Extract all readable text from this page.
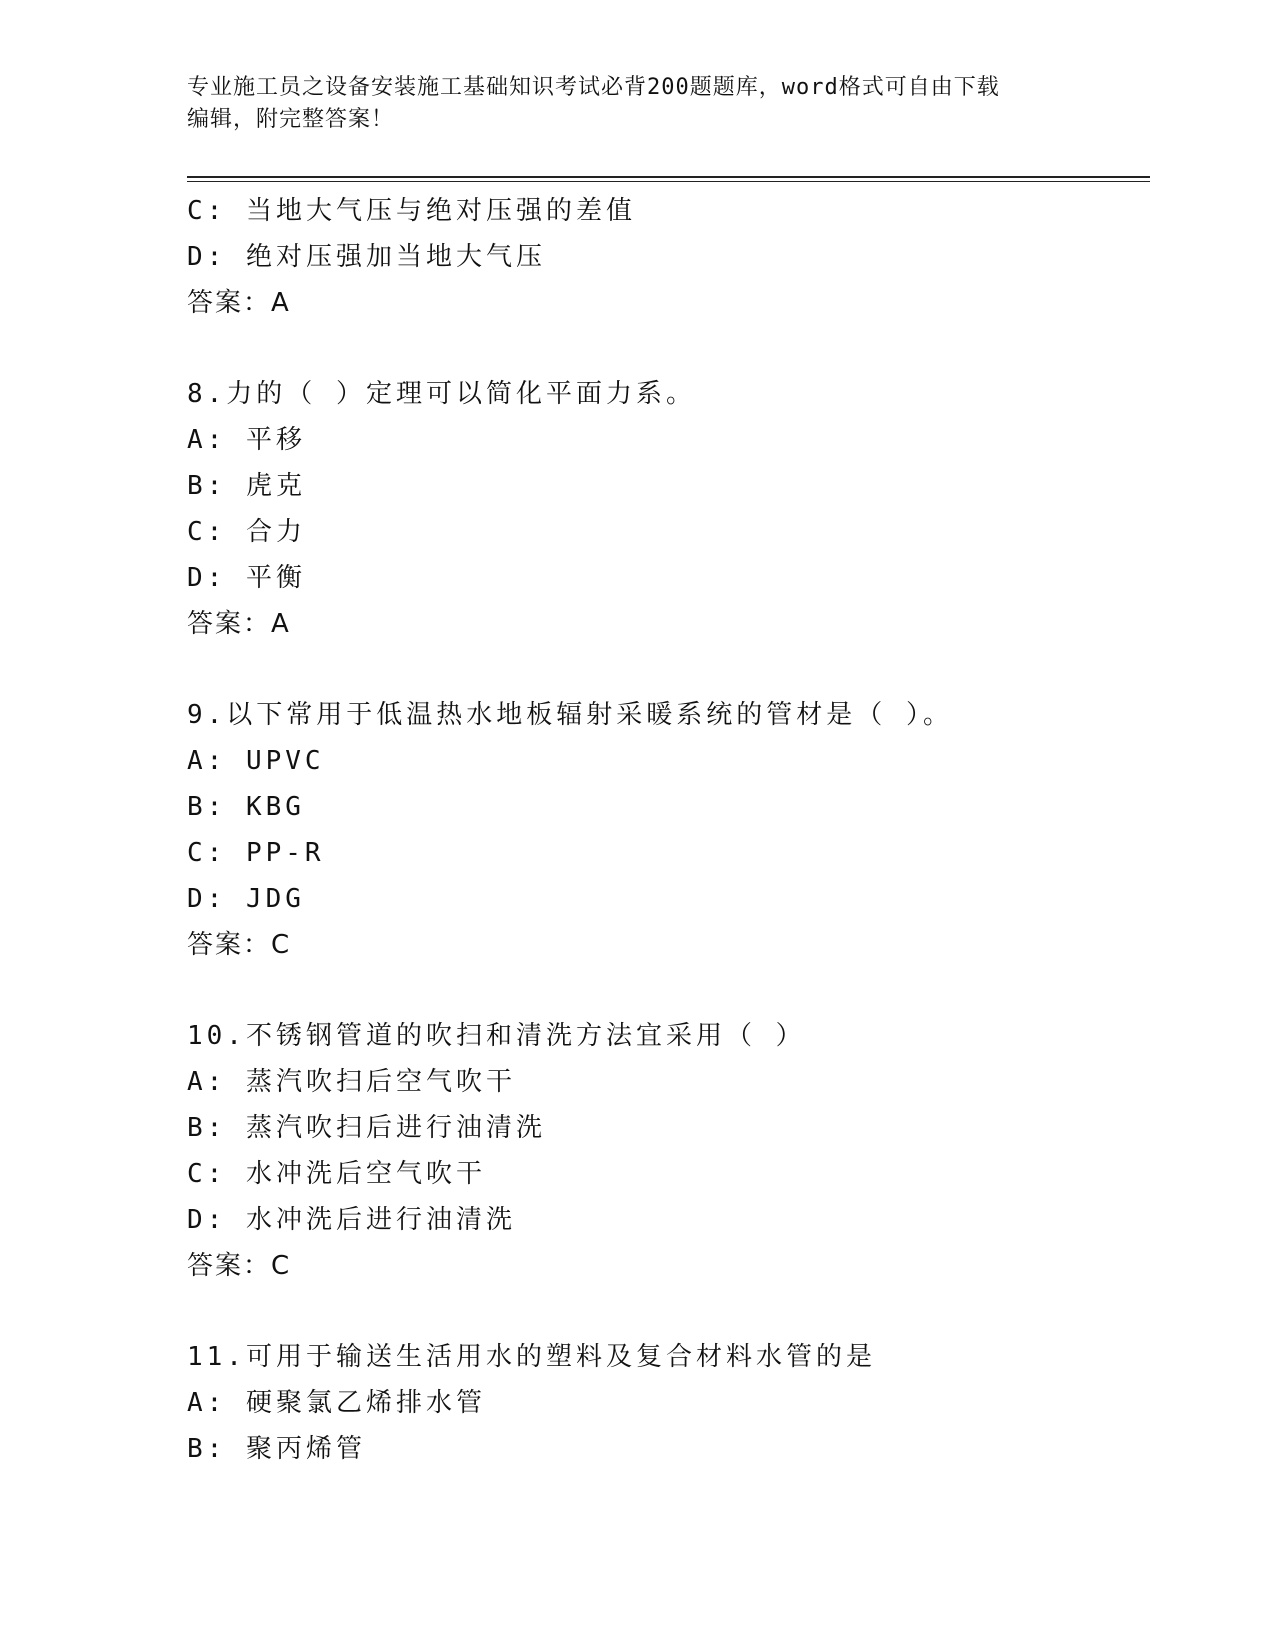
专业施工员之设备安装施工基础知识考试必背200题题库，word格式可自由下载
编辑，附完整答案！
C: 当地大气压与绝对压强的差值
D: 绝对压强加当地大气压
答案：A
8.力的（ ）定理可以简化平面力系。
A: 平移
B: 虎克
C: 合力
D: 平衡
答案：A
9.以下常用于低温热水地板辐射采暖系统的管材是（ ）。
A: UPVC
B: KBG
C: PP-R
D: JDG
答案：C
10.不锈钢管道的吹扫和清洗方法宜采用（ ）
A: 蒸汽吹扫后空气吹干
B: 蒸汽吹扫后进行油清洗
C: 水冲洗后空气吹干
D: 水冲洗后进行油清洗
答案：C
11.可用于输送生活用水的塑料及复合材料水管的是
A: 硬聚氯乙烯排水管
B: 聚丙烯管
